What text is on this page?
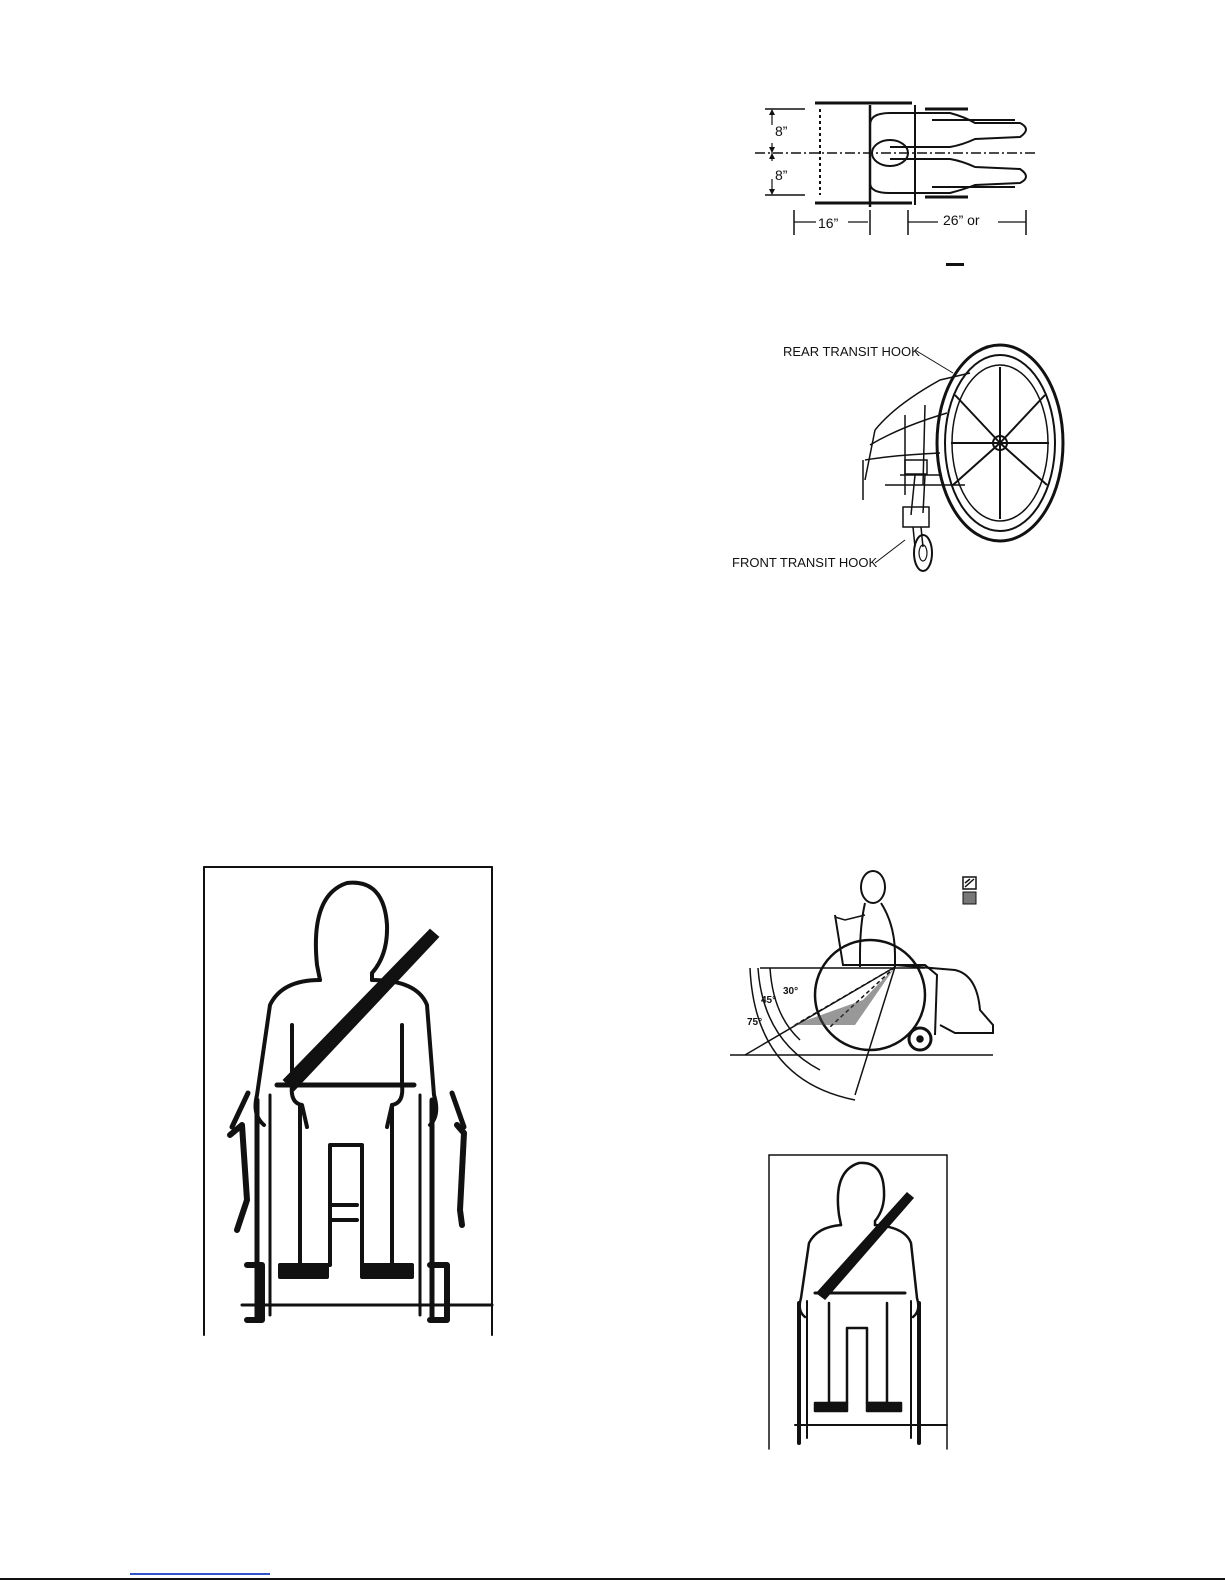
8”
8”
16”	26” or
REAR TRANSIT HOOK
FRONT TRANSIT HOOK
30°
45°
75°
